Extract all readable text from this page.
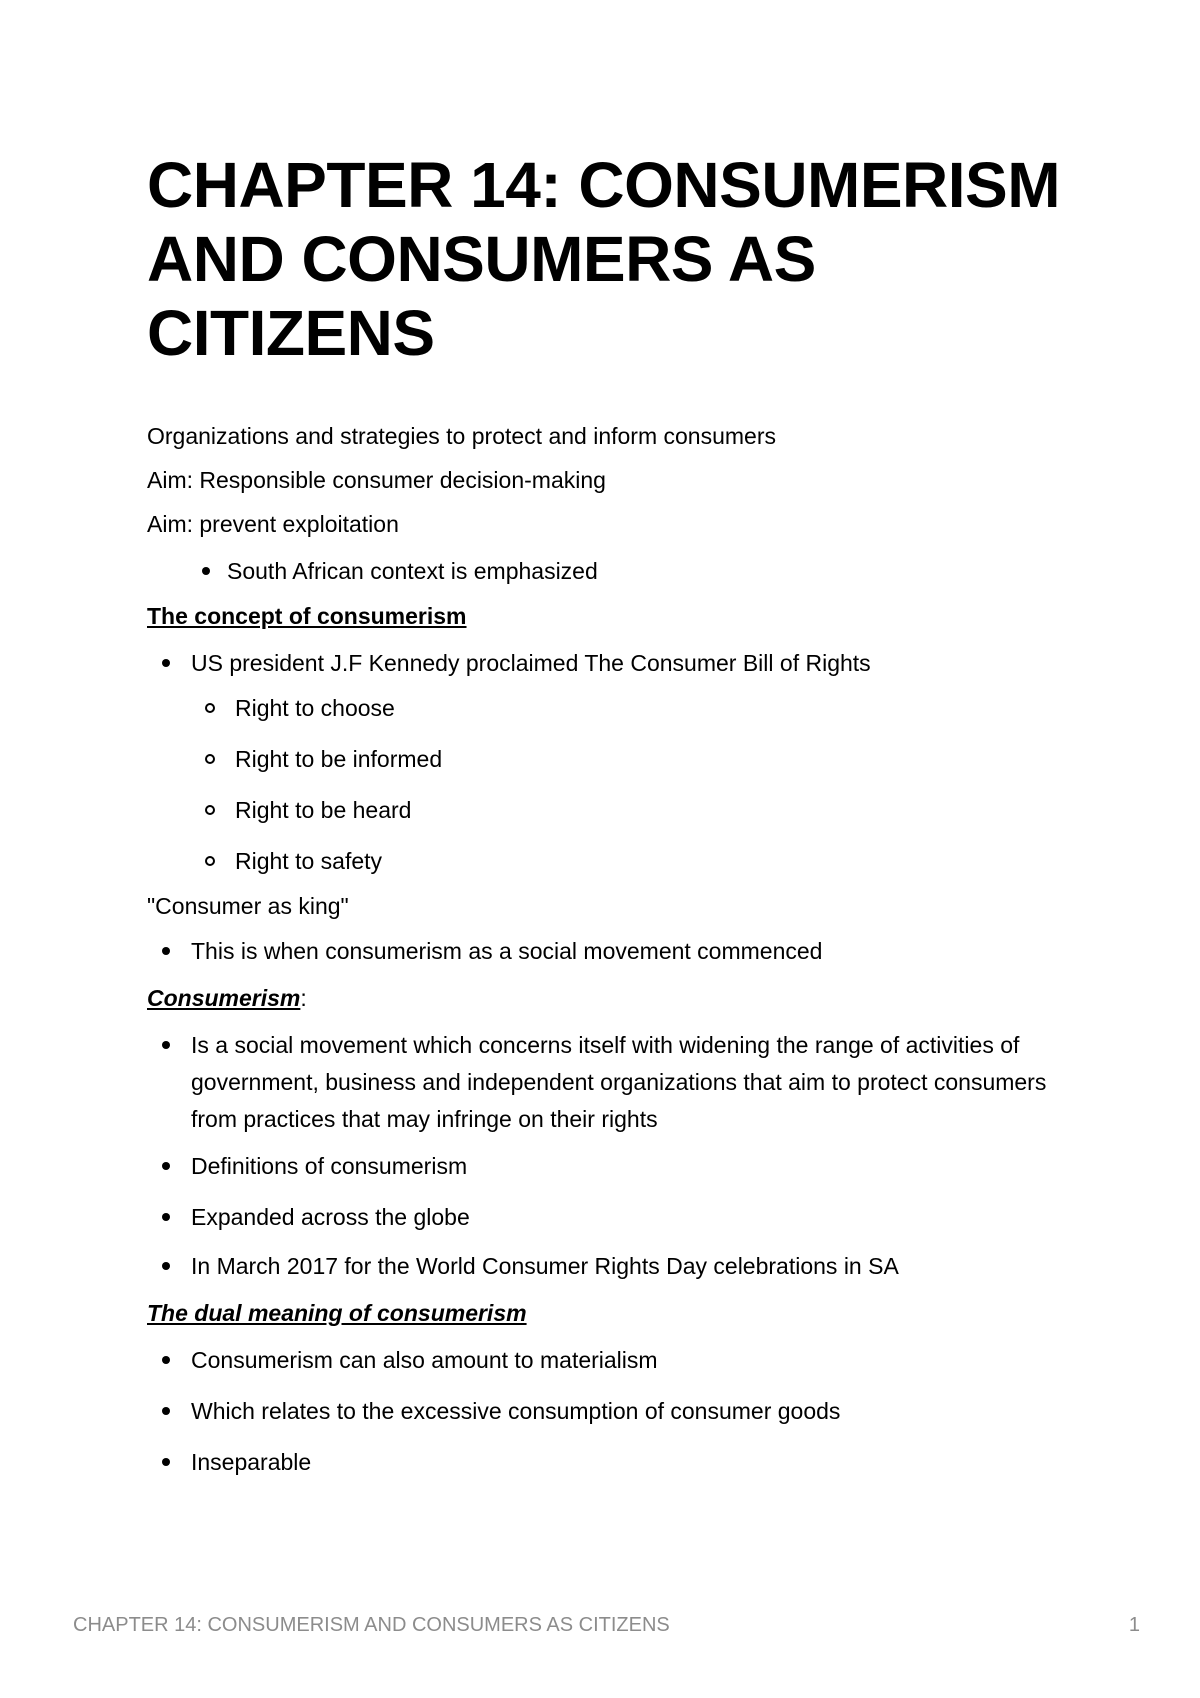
CHAPTER 14: CONSUMERISM AND CONSUMERS AS CITIZENS

Organizations and strategies to protect and inform consumers

Aim: Responsible consumer decision-making

Aim: prevent exploitation

South African context is emphasized

The concept of consumerism

US president J.F Kennedy proclaimed The Consumer Bill of Rights
Right to choose
Right to be informed
Right to be heard
Right to safety

"Consumer as king"

This is when consumerism as a social movement commenced

Consumerism:

Is a social movement which concerns itself with widening the range of activities of government, business and independent organizations that aim to protect consumers from practices that may infringe on their rights
Definitions of consumerism
Expanded across the globe
In March 2017 for the World Consumer Rights Day celebrations in SA

The dual meaning of consumerism

Consumerism can also amount to materialism
Which relates to the excessive consumption of consumer goods
Inseparable
CHAPTER 14: CONSUMERISM AND CONSUMERS AS CITIZENS	1
